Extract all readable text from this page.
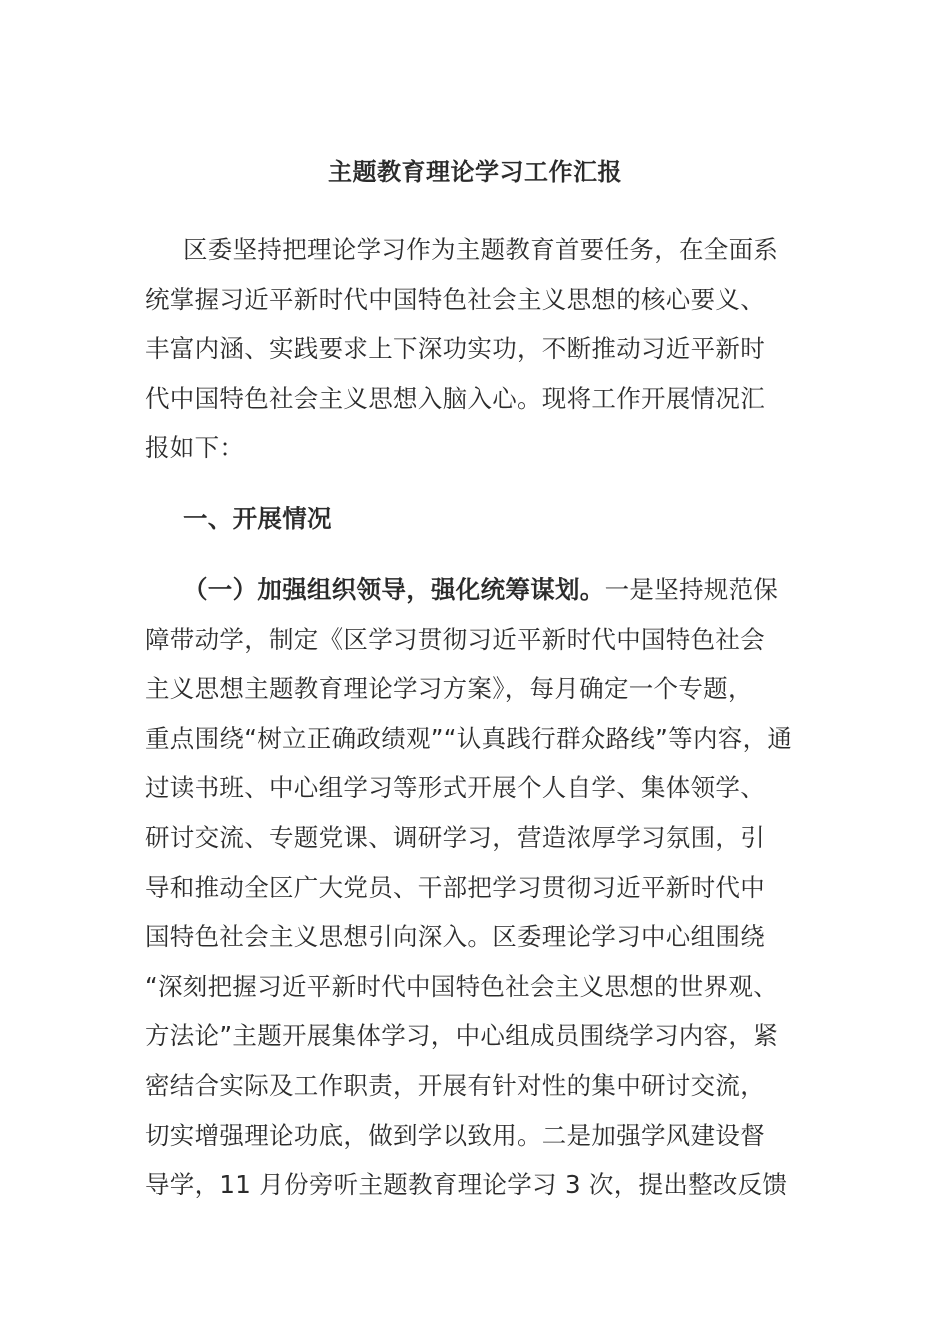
主题教育理论学习工作汇报
区委坚持把理论学习作为主题教育首要任务，在全面系
统掌握习近平新时代中国特色社会主义思想的核心要义、
丰富内涵、实践要求上下深功实功，不断推动习近平新时
代中国特色社会主义思想入脑入心。现将工作开展情况汇
报如下：
一、开展情况
（一）加强组织领导，强化统筹谋划。一是坚持规范保
障带动学，制定《区学习贯彻习近平新时代中国特色社会
主义思想主题教育理论学习方案》，每月确定一个专题，
重点围绕“树立正确政绩观”“认真践行群众路线”等内容，通
过读书班、中心组学习等形式开展个人自学、集体领学、
研讨交流、专题党课、调研学习，营造浓厚学习氛围，引
导和推动全区广大党员、干部把学习贯彻习近平新时代中
国特色社会主义思想引向深入。区委理论学习中心组围绕
“深刻把握习近平新时代中国特色社会主义思想的世界观、
方法论”主题开展集体学习，中心组成员围绕学习内容，紧
密结合实际及工作职责，开展有针对性的集中研讨交流，
切实增强理论功底，做到学以致用。二是加强学风建设督
导学，11 月份旁听主题教育理论学习 3 次，提出整改反馈
